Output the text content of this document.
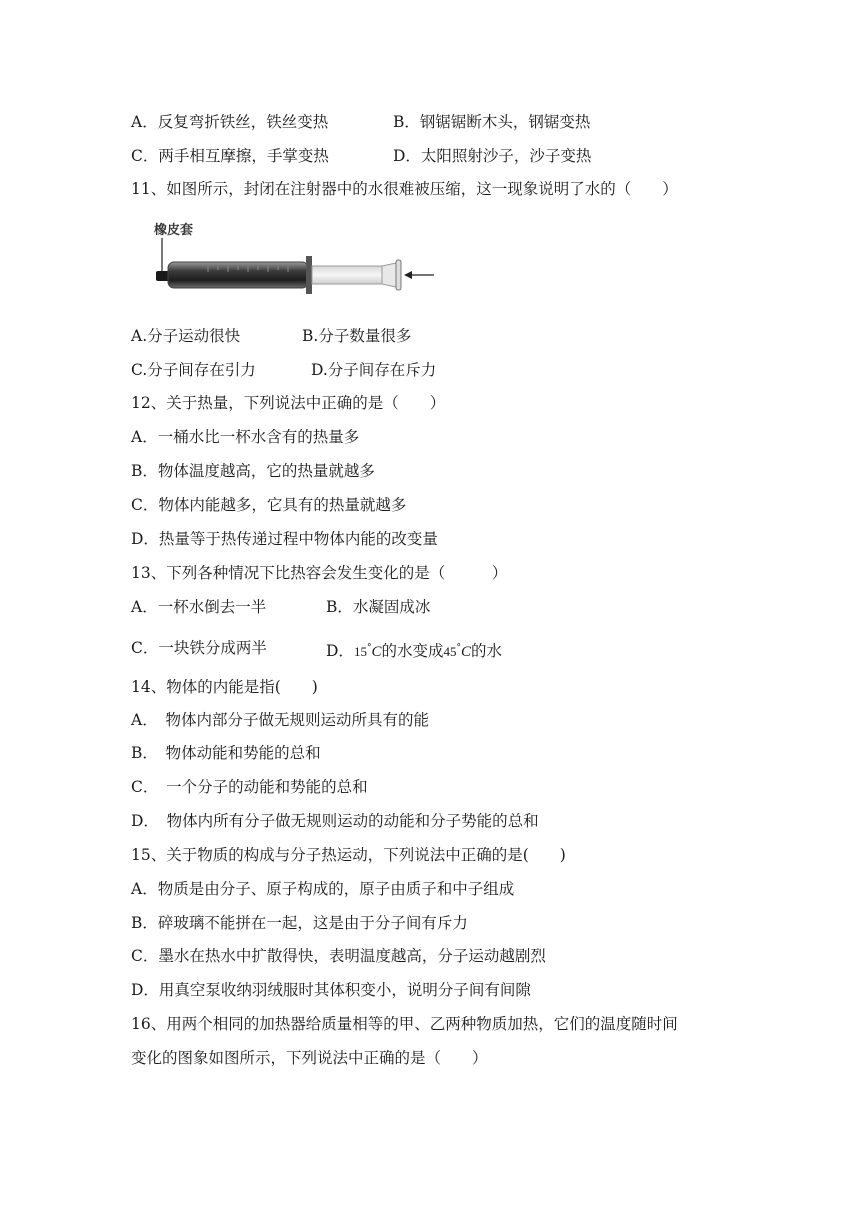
A．反复弯折铁丝，铁丝变热	B．钢锯锯断木头，钢锯变热
C．两手相互摩擦，手掌变热	D．太阳照射沙子，沙子变热
11、如图所示，封闭在注射器中的水很难被压缩，这一现象说明了水的（　　）
橡皮套
A.分子运动很快	B.分子数量很多
C.分子间存在引力	D.分子间存在斥力
12、关于热量，下列说法中正确的是（　　）
A．一桶水比一杯水含有的热量多
B．物体温度越高，它的热量就越多
C．物体内能越多，它具有的热量就越多
D．热量等于热传递过程中物体内能的改变量
13、下列各种情况下比热容会发生变化的是（　　　）
A．一杯水倒去一半	B．水凝固成冰
C．一块铁分成两半	D．15°C的水变成45°C的水
14、物体的内能是指(　　)
A．　物体内部分子做无规则运动所具有的能
B．　物体动能和势能的总和
C．　一个分子的动能和势能的总和
D．　物体内所有分子做无规则运动的动能和分子势能的总和
15、关于物质的构成与分子热运动，下列说法中正确的是(　　)
A．物质是由分子、原子构成的，原子由质子和中子组成
B．碎玻璃不能拼在一起，这是由于分子间有斥力
C．墨水在热水中扩散得快，表明温度越高，分子运动越剧烈
D．用真空泵收纳羽绒服时其体积变小，说明分子间有间隙
16、用两个相同的加热器给质量相等的甲、乙两种物质加热，它们的温度随时间
变化的图象如图所示，下列说法中正确的是（　　）
